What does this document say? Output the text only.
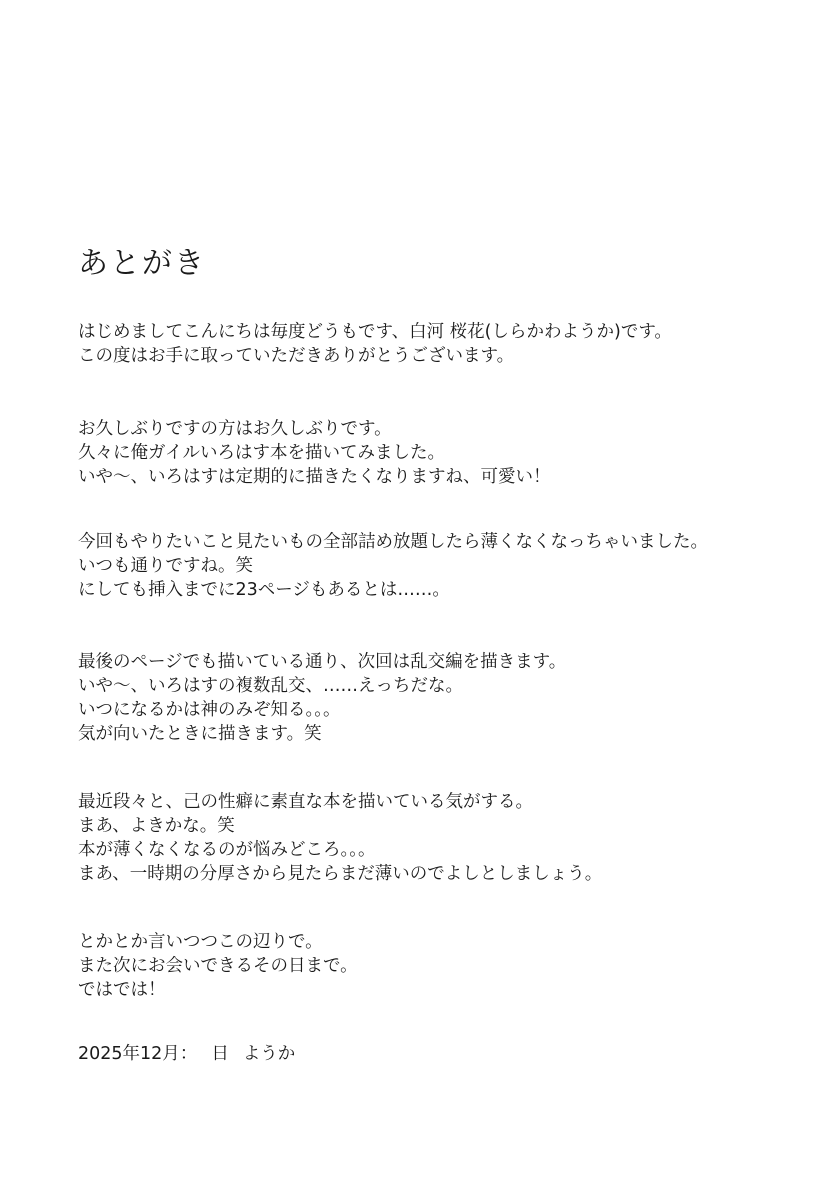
あとがき
はじめましてこんにちは毎度どうもです、白河 桜花(しらかわようか)です。
この度はお手に取っていただきありがとうございます。
お久しぶりですの方はお久しぶりです。
久々に俺ガイルいろはす本を描いてみました。
いや～、いろはすは定期的に描きたくなりますね、可愛い！
今回もやりたいこと見たいもの全部詰め放題したら薄くなくなっちゃいました。
いつも通りですね。笑
にしても挿入までに23ページもあるとは……。
最後のページでも描いている通り、次回は乱交編を描きます。
いや～、いろはすの複数乱交、……えっちだな。
いつになるかは神のみぞ知る。。。
気が向いたときに描きます。笑
最近段々と、己の性癖に素直な本を描いている気がする。
まあ、よきかな。笑
本が薄くなくなるのが悩みどころ。。。
まあ、一時期の分厚さから見たらまだ薄いのでよしとしましょう。
とかとか言いつつこの辺りで。
また次にお会いできるその日まで。
ではでは！
2025年12月： 日 ようか
